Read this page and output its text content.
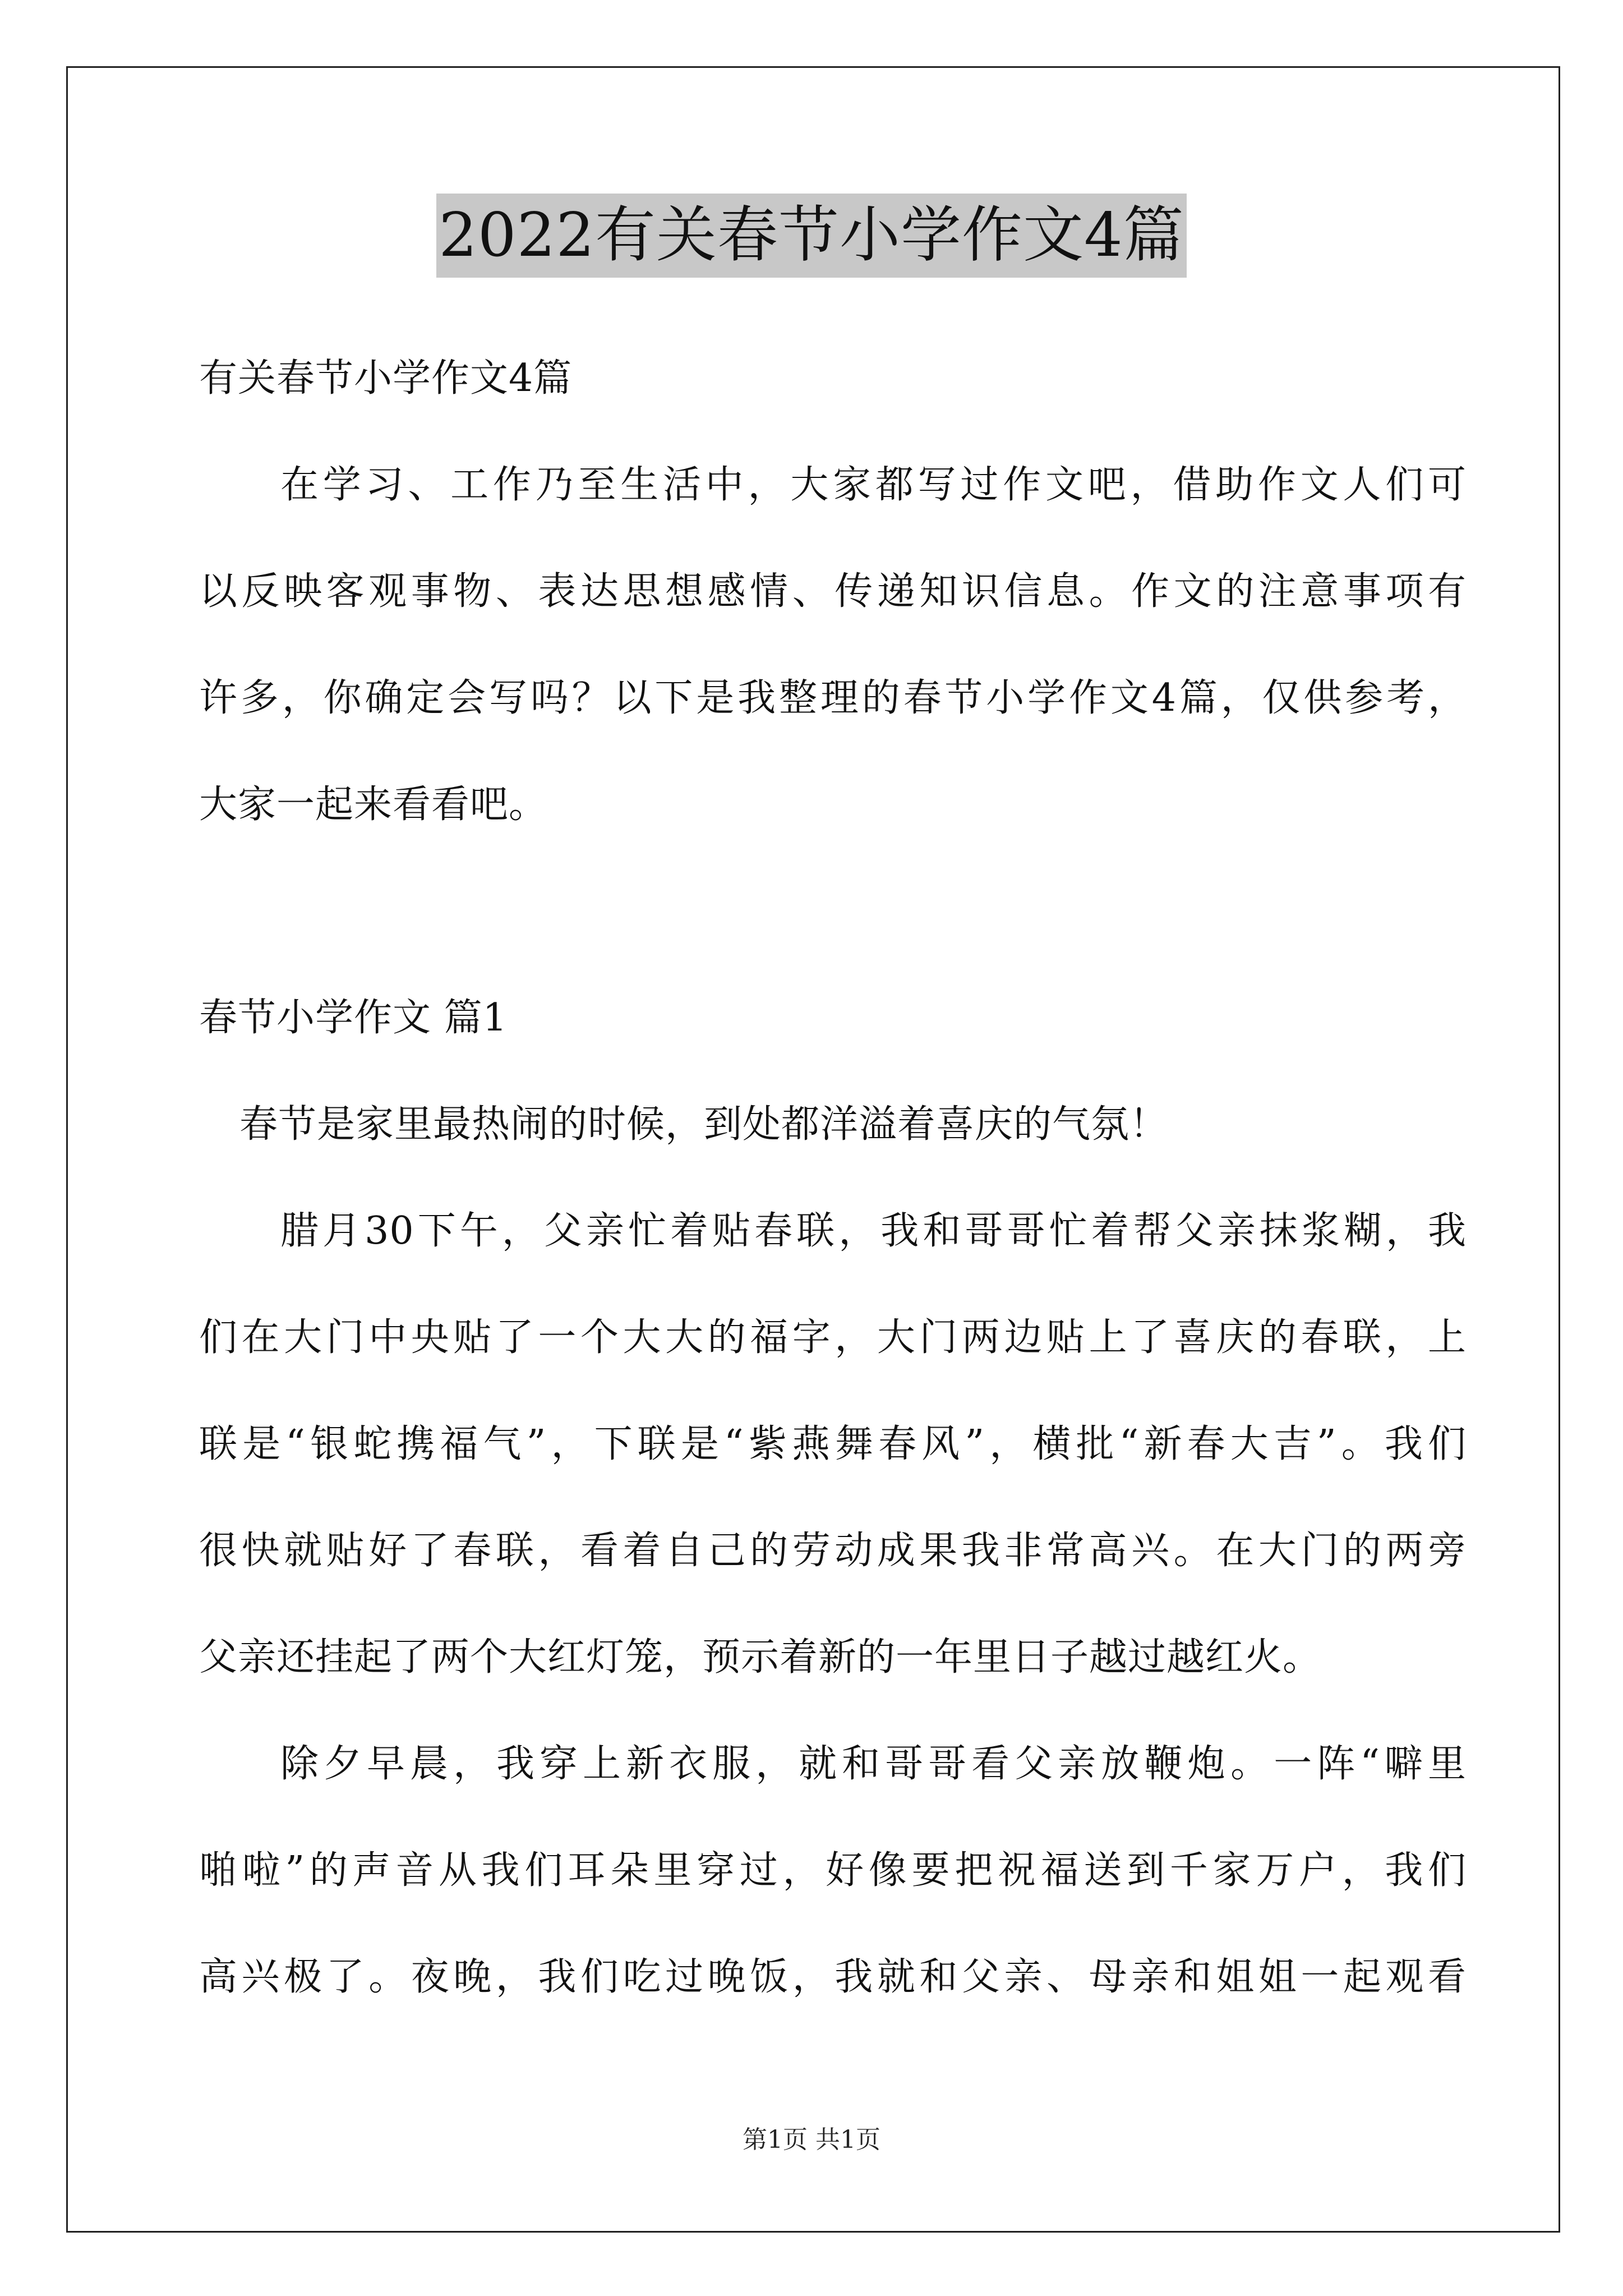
2022有关春节小学作文4篇
有关春节小学作文4篇
在学习、工作乃至生活中，大家都写过作文吧，借助作文人们可
以反映客观事物、表达思想感情、传递知识信息。作文的注意事项有
许多，你确定会写吗？以下是我整理的春节小学作文4篇，仅供参考，
大家一起来看看吧。
春节小学作文 篇1
春节是家里最热闹的时候，到处都洋溢着喜庆的气氛！
腊月30下午，父亲忙着贴春联，我和哥哥忙着帮父亲抹浆糊，我
们在大门中央贴了一个大大的福字，大门两边贴上了喜庆的春联，上
联是“银蛇携福气”，下联是“紫燕舞春风”，横批“新春大吉”。我们
很快就贴好了春联，看着自己的劳动成果我非常高兴。在大门的两旁
父亲还挂起了两个大红灯笼，预示着新的一年里日子越过越红火。
除夕早晨，我穿上新衣服，就和哥哥看父亲放鞭炮。一阵“噼里
啪啦”的声音从我们耳朵里穿过，好像要把祝福送到千家万户，我们
高兴极了。夜晚，我们吃过晚饭，我就和父亲、母亲和姐姐一起观看
第1页 共1页
